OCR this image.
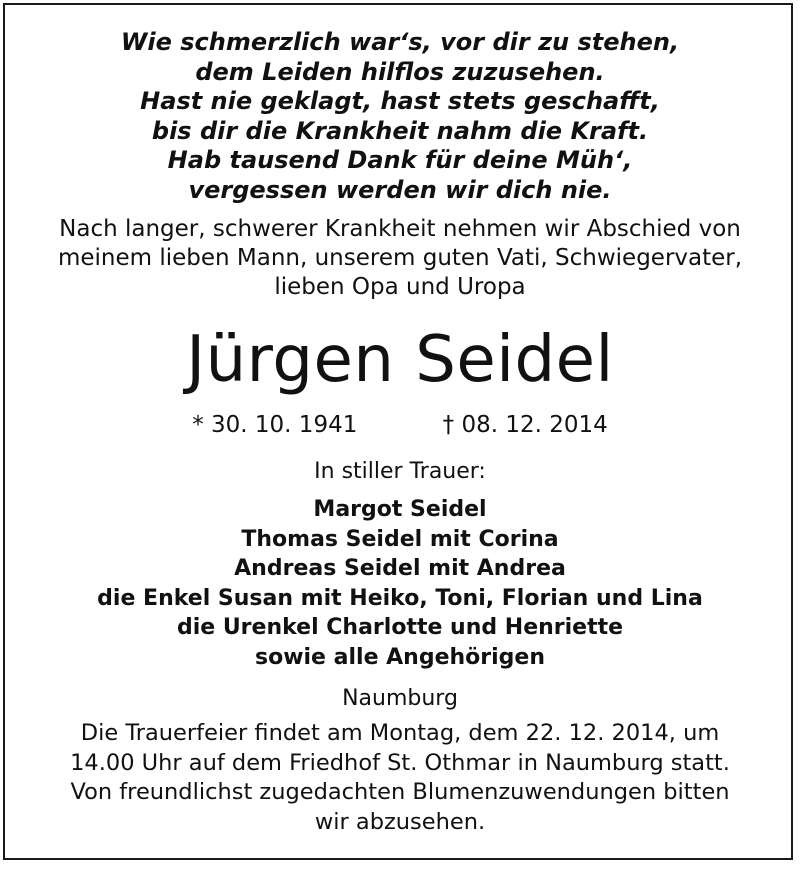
Wie schmerzlich war‘s, vor dir zu stehen,
dem Leiden hilflos zuzusehen.
Hast nie geklagt, hast stets geschafft,
bis dir die Krankheit nahm die Kraft.
Hab tausend Dank für deine Müh‘,
vergessen werden wir dich nie.
Nach langer, schwerer Krankheit nehmen wir Abschied von
meinem lieben Mann, unserem guten Vati, Schwiegervater,
lieben Opa und Uropa
Jürgen Seidel
* 30. 10. 1941	† 08. 12. 2014
In stiller Trauer:
Margot Seidel
Thomas Seidel mit Corina
Andreas Seidel mit Andrea
die Enkel Susan mit Heiko, Toni, Florian und Lina
die Urenkel Charlotte und Henriette
sowie alle Angehörigen
Naumburg
Die Trauerfeier findet am Montag, dem 22. 12. 2014, um
14.00 Uhr auf dem Friedhof St. Othmar in Naumburg statt.
Von freundlichst zugedachten Blumenzuwendungen bitten
wir abzusehen.
